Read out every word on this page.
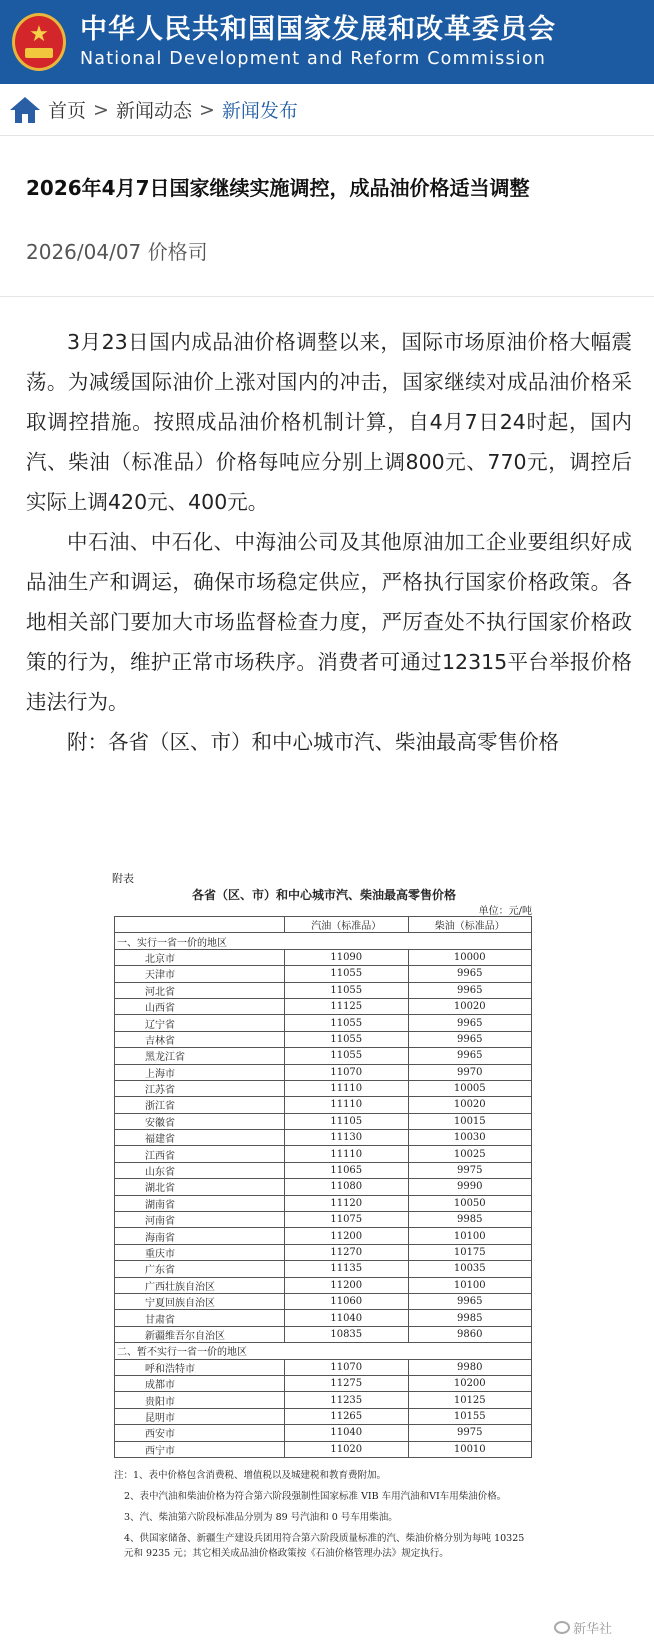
★	中华人民共和国国家发展和改革委员会
National Development and Reform Commission
首页 > 新闻动态 > 新闻发布
2026年4月7日国家继续实施调控，成品油价格适当调整
2026/04/07 价格司

3月23日国内成品油价格调整以来，国际市场原油价格大幅震荡。为减缓国际油价上涨对国内的冲击，国家继续对成品油价格采取调控措施。按照成品油价格机制计算，自4月7日24时起，国内汽、柴油（标准品）价格每吨应分别上调800元、770元，调控后实际上调420元、400元。

中石油、中石化、中海油公司及其他原油加工企业要组织好成品油生产和调运，确保市场稳定供应，严格执行国家价格政策。各地相关部门要加大市场监督检查力度，严厉查处不执行国家价格政策的行为，维护正常市场秩序。消费者可通过12315平台举报价格违法行为。

附：各省（区、市）和中心城市汽、柴油最高零售价格

附表
各省（区、市）和中心城市汽、柴油最高零售价格
单位：元/吨
	汽油（标准品）	柴油（标准品）
一、实行一省一价的地区		
北京市	11090	10000
天津市	11055	9965
河北省	11055	9965
山西省	11125	10020
辽宁省	11055	9965
吉林省	11055	9965
黑龙江省	11055	9965
上海市	11070	9970
江苏省	11110	10005
浙江省	11110	10020
安徽省	11105	10015
福建省	11130	10030
江西省	11110	10025
山东省	11065	9975
湖北省	11080	9990
湖南省	11120	10050
河南省	11075	9985
海南省	11200	10100
重庆市	11270	10175
广东省	11135	10035
广西壮族自治区	11200	10100
宁夏回族自治区	11060	9965
甘肃省	11040	9985
新疆维吾尔自治区	10835	9860
二、暂不实行一省一价的地区		
呼和浩特市	11070	9980
成都市	11275	10200
贵阳市	11235	10125
昆明市	11265	10155
西安市	11040	9975
西宁市	11020	10010
注：1、表中价格包含消费税、增值税以及城建税和教育费附加。
2、表中汽油和柴油价格为符合第六阶段强制性国家标准 VIB 车用汽油和VI车用柴油价格。
3、汽、柴油第六阶段标准品分别为 89 号汽油和 0 号车用柴油。
4、供国家储备、新疆生产建设兵团用符合第六阶段质量标准的汽、柴油价格分别为每吨 10325 元和 9235 元；其它相关成品油价格政策按《石油价格管理办法》规定执行。
新华社
